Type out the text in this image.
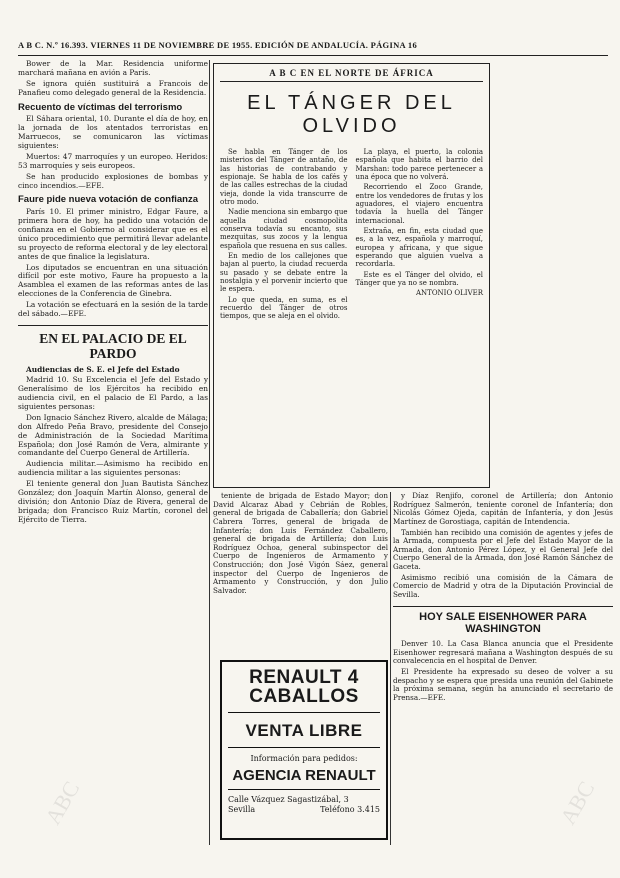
A B C. N.º 16.393. VIERNES 11 DE NOVIEMBRE DE 1955. EDICIÓN DE ANDALUCÍA. PÁGINA 16

Bower de la Mar. Residencia uniforme marchará mañana en avión a París.

Se ignora quién sustituirá a Francois de Panafieu como delegado general de la Residencia.

Recuento de víctimas del terrorismo

El Sáhara oriental, 10. Durante el día de hoy, en la jornada de los atentados terroristas en Marruecos, se comunicaron las víctimas siguientes:

Muertos: 47 marroquíes y un europeo. Heridos: 53 marroquíes y seis europeos.

Se han producido explosiones de bombas y cinco incendios.—EFE.

Faure pide nueva votación de confianza

París 10. El primer ministro, Edgar Faure, a primera hora de hoy, ha pedido una votación de confianza en el Gobierno al considerar que es el único procedimiento que permitirá llevar adelante su proyecto de reforma electoral y de ley electoral antes de que finalice la legislatura.

Los diputados se encuentran en una situación difícil por este motivo, Faure ha propuesto a la Asamblea el examen de las reformas antes de las elecciones de la Conferencia de Ginebra.

La votación se efectuará en la sesión de la tarde del sábado.—EFE.

EN EL PALACIO DE EL PARDO

Audiencias de S. E. el Jefe del Estado

Madrid 10. Su Excelencia el Jefe del Estado y Generalísimo de los Ejércitos ha recibido en audiencia civil, en el palacio de El Pardo, a las siguientes personas:

Don Ignacio Sánchez Rivero, alcalde de Málaga; don Alfredo Peña Bravo, presidente del Consejo de Administración de la Sociedad Marítima Española; don José Ramón de Vera, almirante y comandante del Cuerpo General de Artillería.

Audiencia militar.—Asimismo ha recibido en audiencia militar a las siguientes personas:

El teniente general don Juan Bautista Sánchez González; don Joaquín Martín Alonso, general de división; don Antonio Díaz de Rivera, general de brigada; don Francisco Ruiz Martín, coronel del Ejército de Tierra.

A B C EN EL NORTE DE ÁFRICA
EL TÁNGER DEL OLVIDO

Se habla en Tánger de los misterios del Tánger de antaño, de las historias de contrabando y espionaje. Se habla de los cafés y de las calles estrechas de la ciudad vieja, donde la vida transcurre de otro modo.

Nadie menciona sin embargo que aquella ciudad cosmopolita conserva todavía su encanto, sus mezquitas, sus zocos y la lengua española que resuena en sus calles.

En medio de los callejones que bajan al puerto, la ciudad recuerda su pasado y se debate entre la nostalgia y el porvenir incierto que le espera.

Lo que queda, en suma, es el recuerdo del Tánger de otros tiempos, que se aleja en el olvido.

La playa, el puerto, la colonia española que habita el barrio del Marshan: todo parece pertenecer a una época que no volverá.

Recorriendo el Zoco Grande, entre los vendedores de frutas y los aguadores, el viajero encuentra todavía la huella del Tánger internacional.

Extraña, en fin, esta ciudad que es, a la vez, española y marroquí, europea y africana, y que sigue esperando que alguien vuelva a recordarla.

Este es el Tánger del olvido, el Tánger que ya no se nombra.

ANTONIO OLIVER

teniente de brigada de Estado Mayor; don David Alcaraz Abad y Cebrián de Robles, general de brigada de Caballería; don Gabriel Cabrera Torres, general de brigada de Infantería; don Luis Fernández Caballero, general de brigada de Artillería; don Luis Rodríguez Ochoa, general subinspector del Cuerpo de Ingenieros de Armamento y Construcción; don José Vigón Sáez, general inspector del Cuerpo de Ingenieros de Armamento y Construcción, y don Julio Salvador.

RENAULT 4 CABALLOS
VENTA LIBRE
Información para pedidos:
AGENCIA RENAULT
Calle Vázquez Sagastizábal, 3
Sevilla	Teléfono 3.415

y Díaz Renjifo, coronel de Artillería; don Antonio Rodríguez Salmerón, teniente coronel de Infantería; don Nicolás Gómez Ojeda, capitán de Infantería, y don Jesús Martínez de Gorostiaga, capitán de Intendencia.

También han recibido una comisión de agentes y jefes de la Armada, compuesta por el Jefe del Estado Mayor de la Armada, don Antonio Pérez López, y el General Jefe del Cuerpo General de la Armada, don José Ramón Sánchez de Gaceta.

Asimismo recibió una comisión de la Cámara de Comercio de Madrid y otra de la Diputación Provincial de Sevilla.

HOY SALE EISENHOWER PARA WASHINGTON

Denver 10. La Casa Blanca anuncia que el Presidente Eisenhower regresará mañana a Washington después de su convalecencia en el hospital de Denver.

El Presidente ha expresado su deseo de volver a su despacho y se espera que presida una reunión del Gabinete la próxima semana, según ha anunciado el secretario de Prensa.—EFE.

ABC	ABC
